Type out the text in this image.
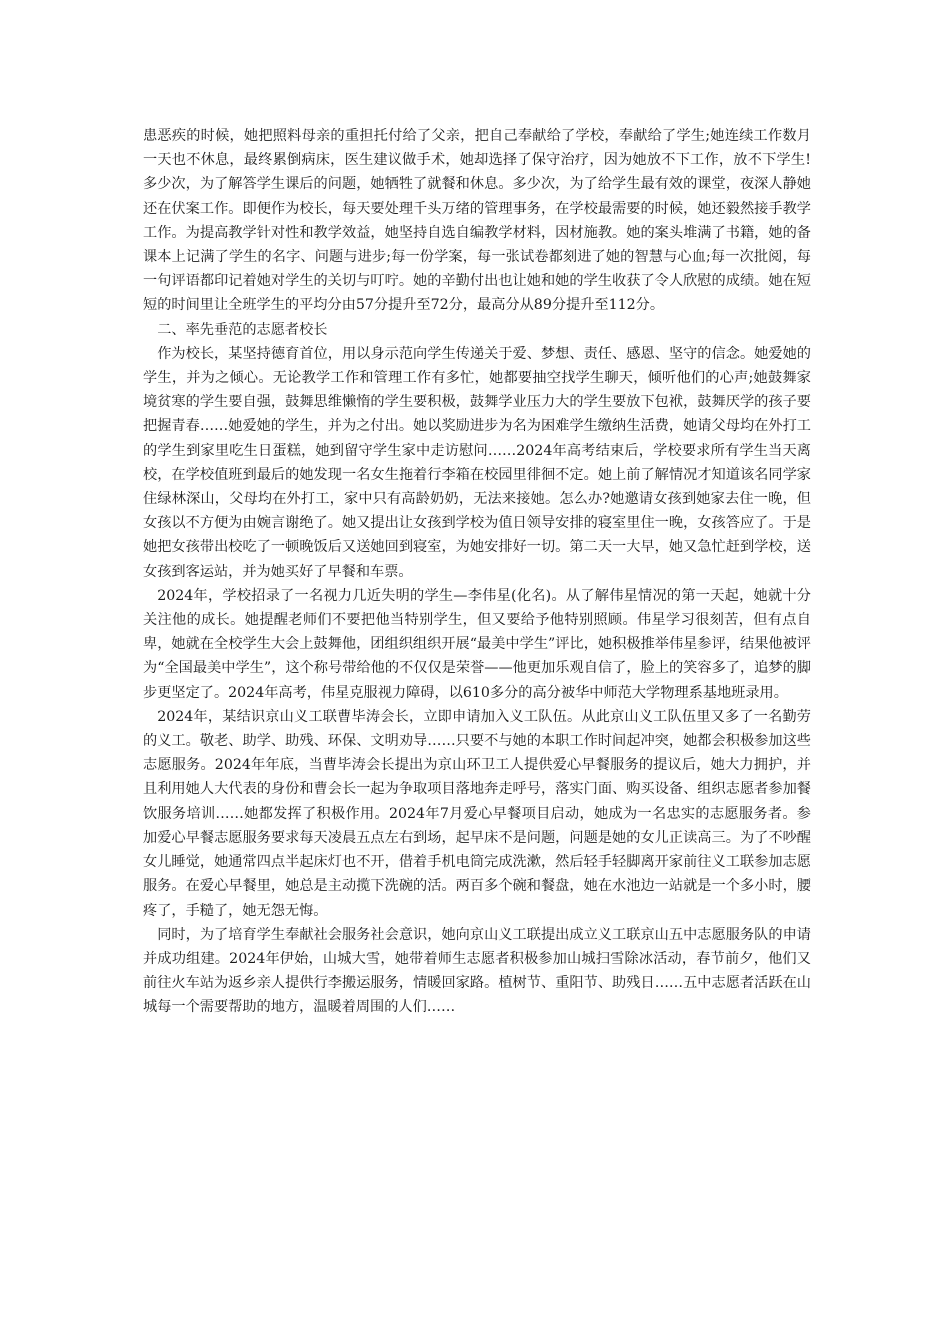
患恶疾的时候，她把照料母亲的重担托付给了父亲，把自己奉献给了学校，奉献给了学生;她连续工作数月一天也不休息，最终累倒病床，医生建议做手术，她却选择了保守治疗，因为她放不下工作，放不下学生!多少次，为了解答学生课后的问题，她牺牲了就餐和休息。多少次，为了给学生最有效的课堂，夜深人静她还在伏案工作。即便作为校长，每天要处理千头万绪的管理事务，在学校最需要的时候，她还毅然接手教学工作。为提高教学针对性和教学效益，她坚持自选自编教学材料，因材施教。她的案头堆满了书籍，她的备课本上记满了学生的名字、问题与进步;每一份学案，每一张试卷都刻进了她的智慧与心血;每一次批阅，每一句评语都印记着她对学生的关切与叮咛。她的辛勤付出也让她和她的学生收获了令人欣慰的成绩。她在短短的时间里让全班学生的平均分由57分提升至72分，最高分从89分提升至112分。

二、率先垂范的志愿者校长

作为校长，某坚持德育首位，用以身示范向学生传递关于爱、梦想、责任、感恩、坚守的信念。她爱她的学生，并为之倾心。无论教学工作和管理工作有多忙，她都要抽空找学生聊天，倾听他们的心声;她鼓舞家境贫寒的学生要自强，鼓舞思维懒惰的学生要积极，鼓舞学业压力大的学生要放下包袱，鼓舞厌学的孩子要把握青春……她爱她的学生，并为之付出。她以奖励进步为名为困难学生缴纳生活费，她请父母均在外打工的学生到家里吃生日蛋糕，她到留守学生家中走访慰问……2024年高考结束后，学校要求所有学生当天离校，在学校值班到最后的她发现一名女生拖着行李箱在校园里徘徊不定。她上前了解情况才知道该名同学家住绿林深山，父母均在外打工，家中只有高龄奶奶，无法来接她。怎么办?她邀请女孩到她家去住一晚，但女孩以不方便为由婉言谢绝了。她又提出让女孩到学校为值日领导安排的寝室里住一晚，女孩答应了。于是她把女孩带出校吃了一顿晚饭后又送她回到寝室，为她安排好一切。第二天一大早，她又急忙赶到学校，送女孩到客运站，并为她买好了早餐和车票。

2024年，学校招录了一名视力几近失明的学生—李伟星(化名)。从了解伟星情况的第一天起，她就十分关注他的成长。她提醒老师们不要把他当特别学生，但又要给予他特别照顾。伟星学习很刻苦，但有点自卑，她就在全校学生大会上鼓舞他，团组织组织开展“最美中学生”评比，她积极推举伟星参评，结果他被评为“全国最美中学生”，这个称号带给他的不仅仅是荣誉——他更加乐观自信了，脸上的笑容多了，追梦的脚步更坚定了。2024年高考，伟星克服视力障碍，以610多分的高分被华中师范大学物理系基地班录用。

2024年，某结识京山义工联曹毕涛会长，立即申请加入义工队伍。从此京山义工队伍里又多了一名勤劳的义工。敬老、助学、助残、环保、文明劝导……只要不与她的本职工作时间起冲突，她都会积极参加这些志愿服务。2024年年底，当曹毕涛会长提出为京山环卫工人提供爱心早餐服务的提议后，她大力拥护，并且利用她人大代表的身份和曹会长一起为争取项目落地奔走呼号，落实门面、购买设备、组织志愿者参加餐饮服务培训……她都发挥了积极作用。2024年7月爱心早餐项目启动，她成为一名忠实的志愿服务者。参加爱心早餐志愿服务要求每天凌晨五点左右到场，起早床不是问题，问题是她的女儿正读高三。为了不吵醒女儿睡觉，她通常四点半起床灯也不开，借着手机电筒完成洗漱，然后轻手轻脚离开家前往义工联参加志愿服务。在爱心早餐里，她总是主动揽下洗碗的活。两百多个碗和餐盘，她在水池边一站就是一个多小时，腰疼了，手糙了，她无怨无悔。

同时，为了培育学生奉献社会服务社会意识，她向京山义工联提出成立义工联京山五中志愿服务队的申请并成功组建。2024年伊始，山城大雪，她带着师生志愿者积极参加山城扫雪除冰活动，春节前夕，他们又前往火车站为返乡亲人提供行李搬运服务，情暖回家路。植树节、重阳节、助残日……五中志愿者活跃在山城每一个需要帮助的地方，温暖着周围的人们……
